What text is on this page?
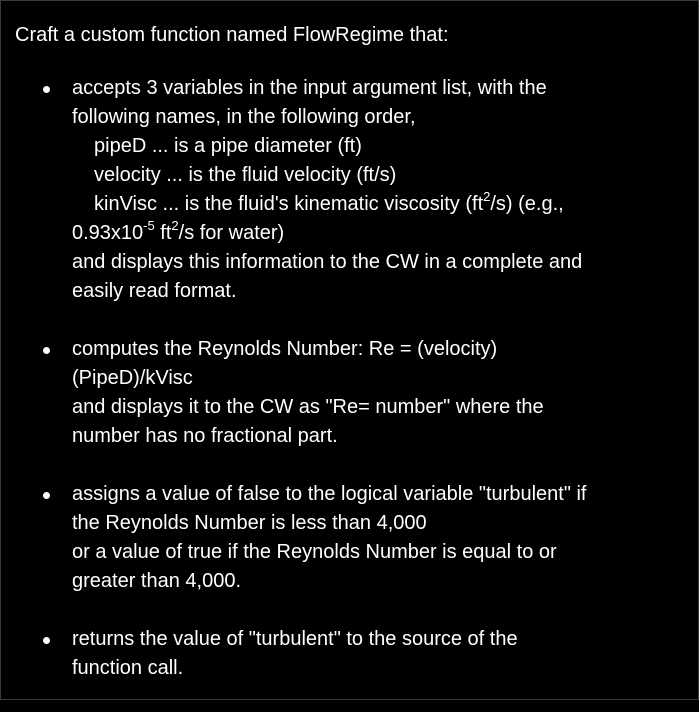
Craft a custom function named FlowRegime that:

accepts 3 variables in the input argument list, with the
following names, in the following order,
pipeD ... is a pipe diameter (ft)
velocity ... is the fluid velocity (ft/s)
kinVisc ... is the fluid's kinematic viscosity $(ft^2/s)$ (e.g.,
$0.93x10^{-5}$ $ft^2/s$ for water)
and displays this information to the CW in a complete and
easily read format.
computes the Reynolds Number: Re = (velocity)
(PipeD)/kVisc
and displays it to the CW as "Re= number" where the
number has no fractional part.
assigns a value of false to the logical variable "turbulent" if
the Reynolds Number is less than 4,000
or a value of true if the Reynolds Number is equal to or
greater than 4,000.
returns the value of "turbulent" to the source of the
function call.
